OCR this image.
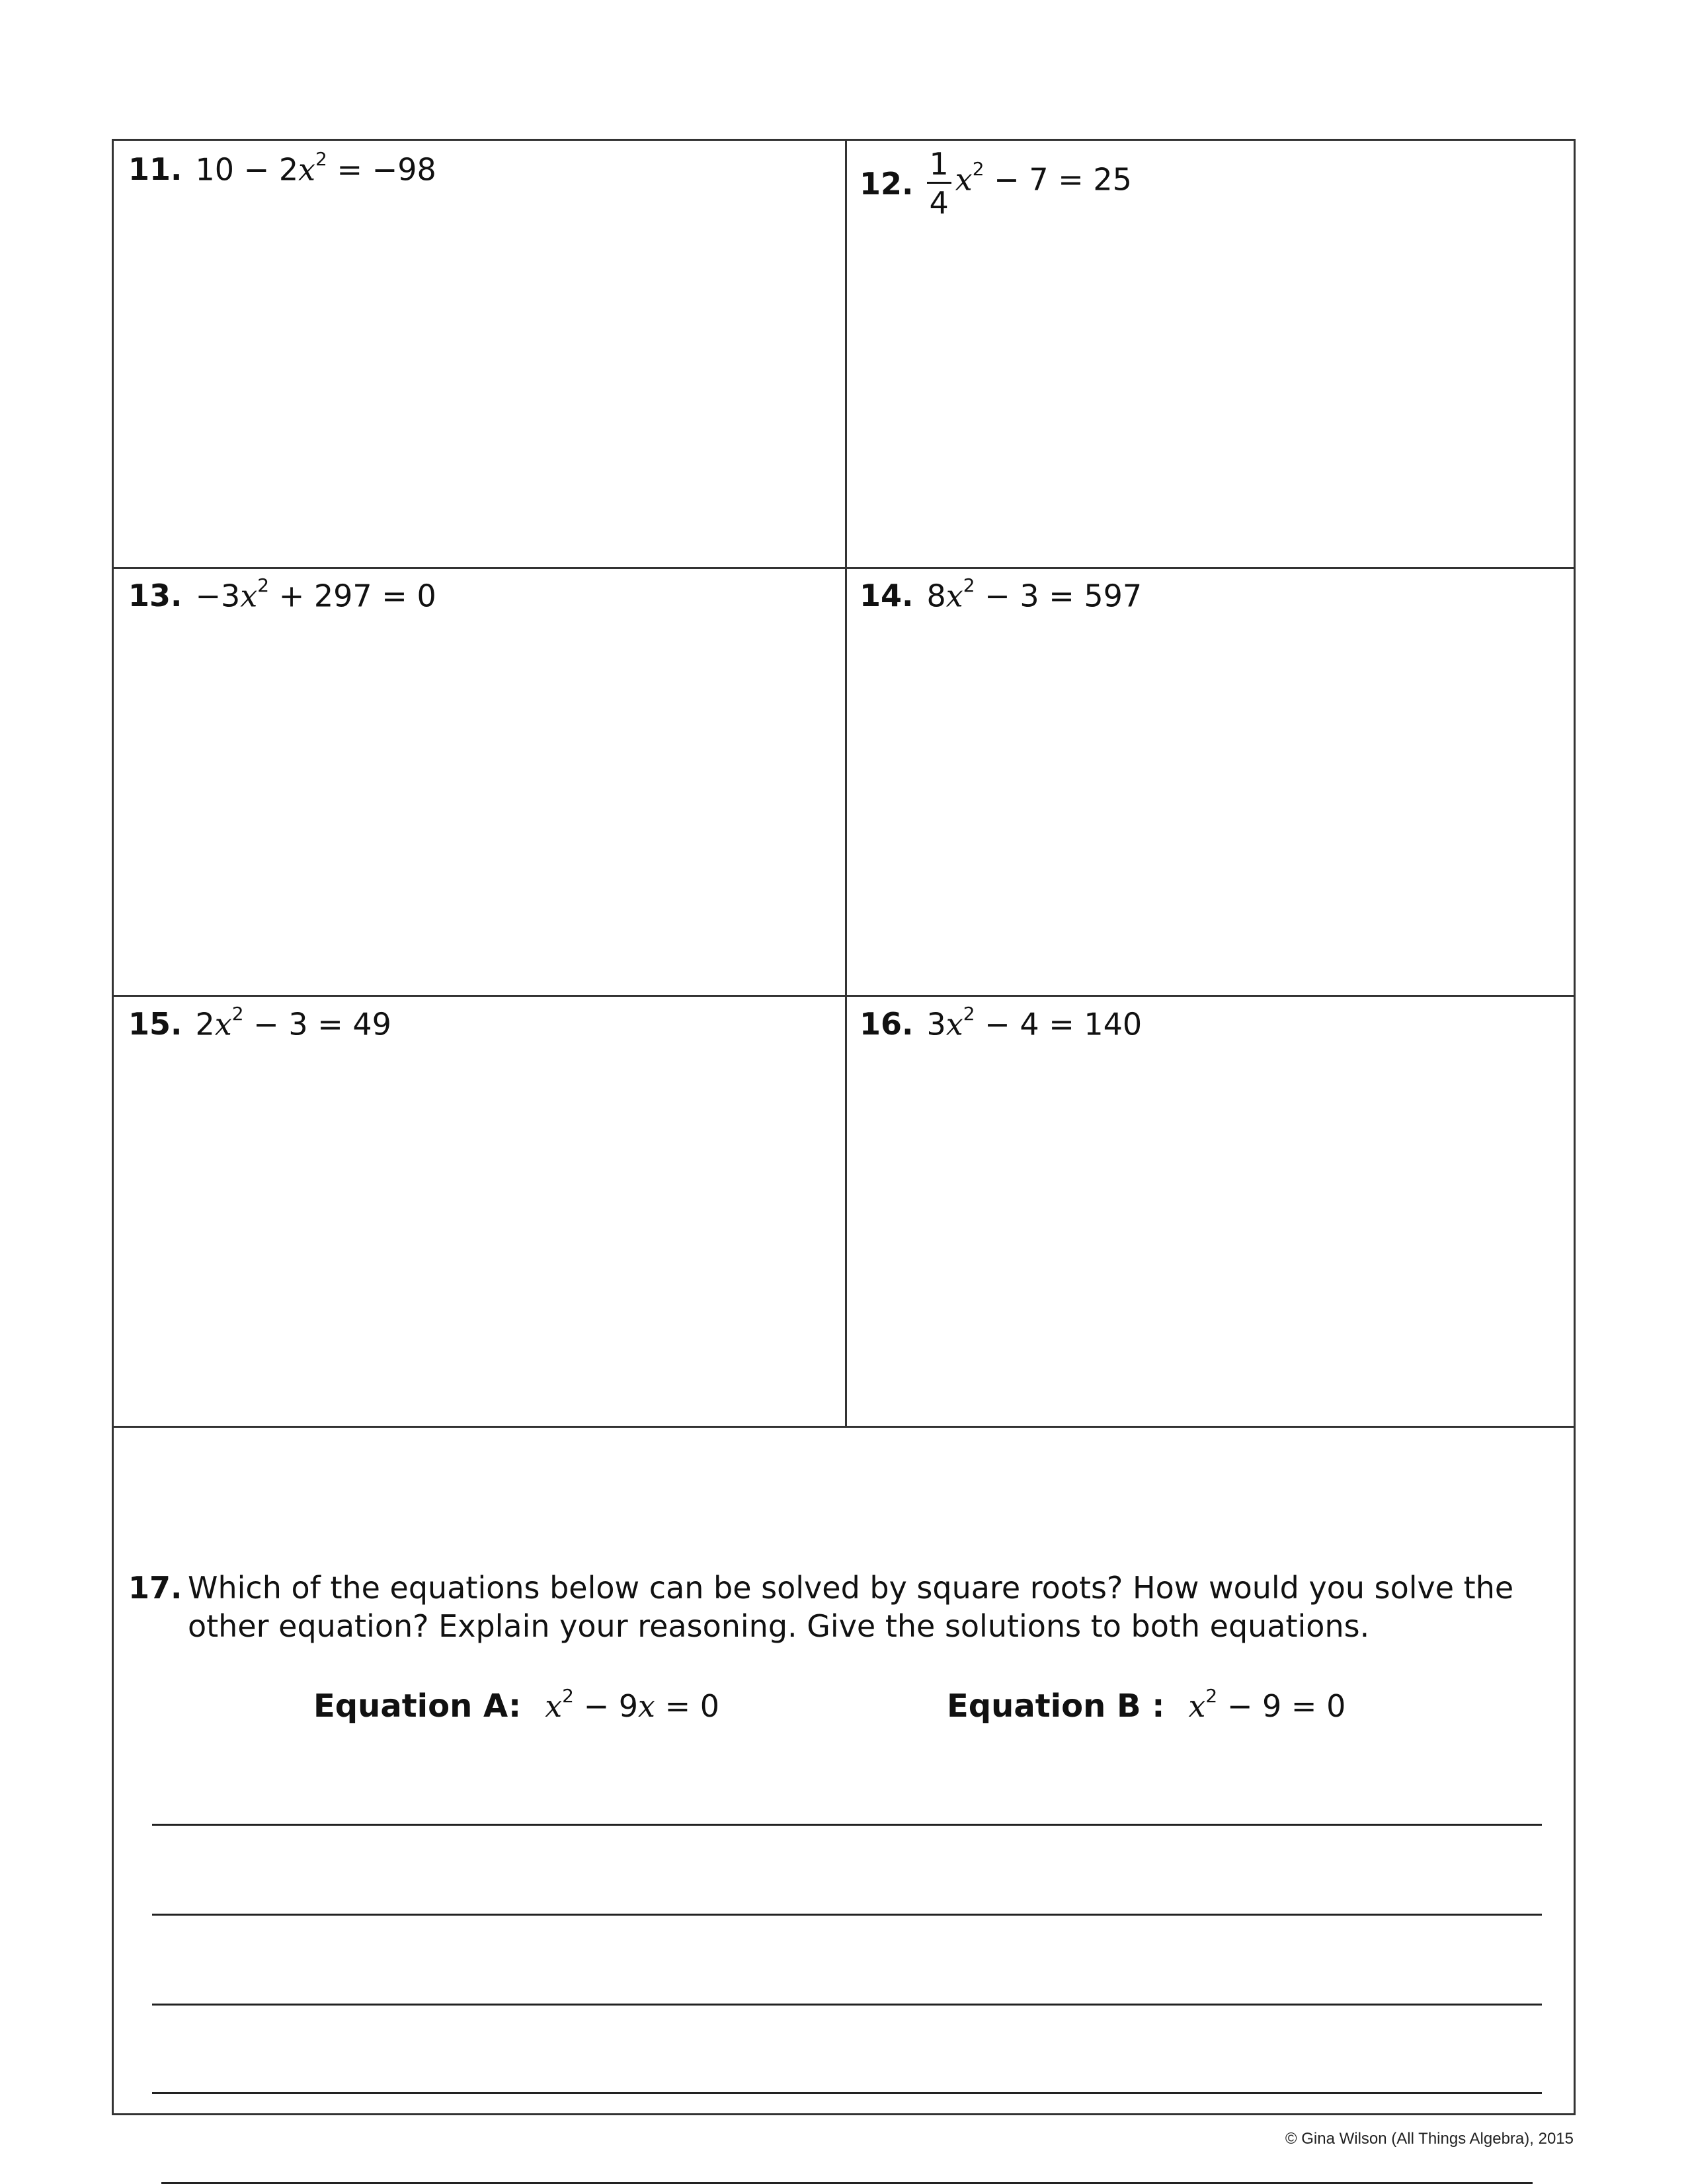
11. $10 - 2x^2 = -98$	12. $\frac{1}{4} x^2 - 7 = 25$
13. $-3x^2 + 297 = 0$	14. $8x^2 - 3 = 597$
15. $2x^2 - 3 = 49$	16. $3x^2 - 4 = 140$
17. Which of the equations below can be solved by square roots? How would you solve the other equation? Explain your reasoning. Give the solutions to both equations.
Equation A: $x^2 - 9x = 0$	Equation B : $x^2 - 9 = 0$
© Gina Wilson (All Things Algebra), 2015
